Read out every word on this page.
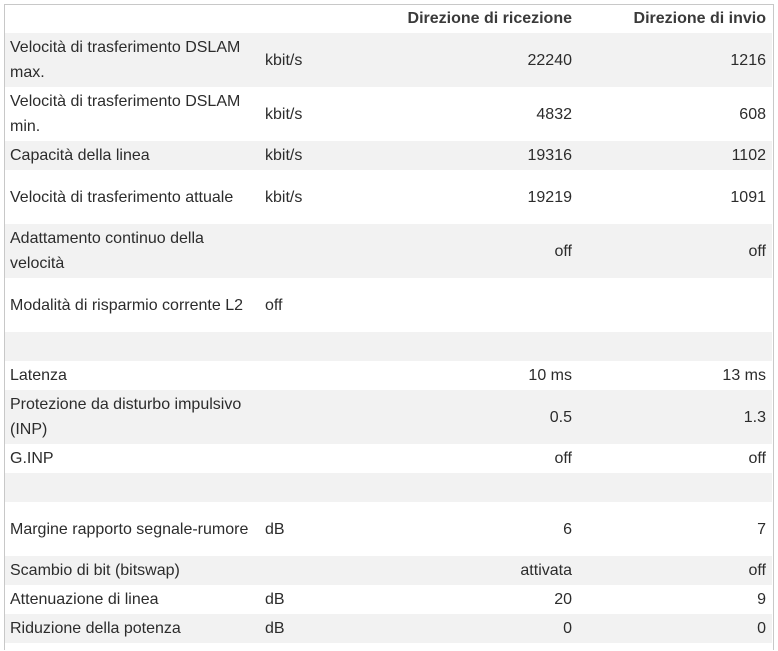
		Direzione di ricezione	Direzione di invio
Velocità di trasferimento DSLAM max.	kbit/s	22240	1216
Velocità di trasferimento DSLAM min.	kbit/s	4832	608
Capacità della linea	kbit/s	19316	1102
Velocità di trasferimento attuale	kbit/s	19219	1091
Adattamento continuo della velocità		off	off
Modalità di risparmio corrente L2	off		

Latenza		10 ms	13 ms
Protezione da disturbo impulsivo (INP)		0.5	1.3
G.INP		off	off

Margine rapporto segnale-rumore	dB	6	7
Scambio di bit (bitswap)		attivata	off
Attenuazione di linea	dB	20	9
Riduzione della potenza	dB	0	0
